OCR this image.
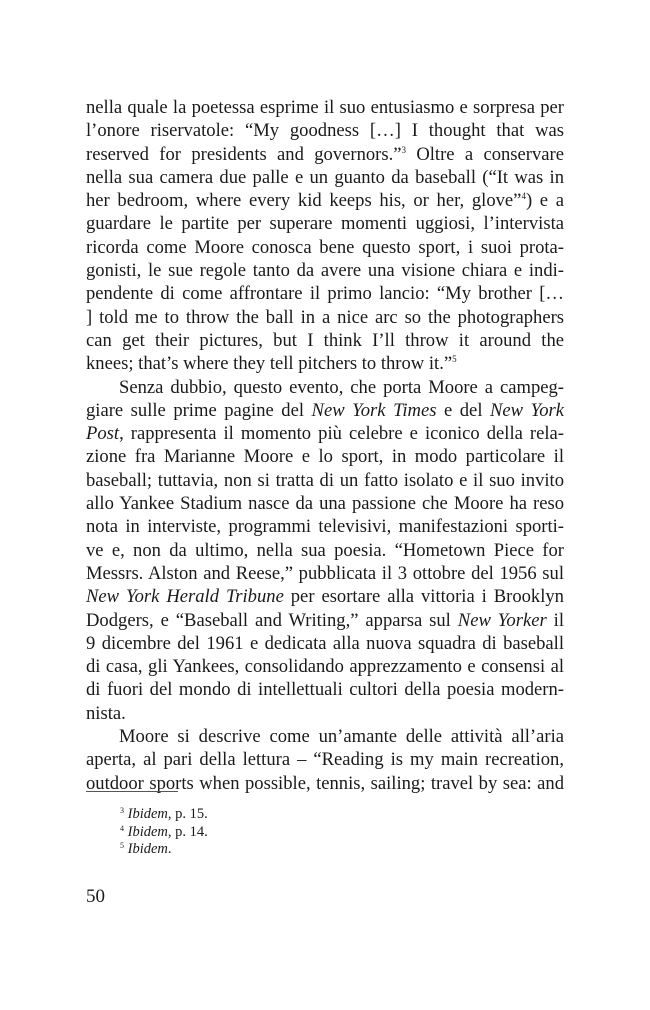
nella quale la poetessa esprime il suo entusiasmo e sorpresa per
l’onore riservatole: “My goodness […] I thought that was
reserved for presidents and governors.”$^3$ Oltre a conservare
nella sua camera due palle e un guanto da baseball (“It was in
her bedroom, where every kid keeps his, or her, glove”$^4$) e a
guardare le partite per superare momenti uggiosi, l’intervista
ricorda come Moore conosca bene questo sport, i suoi prota-
gonisti, le sue regole tanto da avere una visione chiara e indi-
pendente di come affrontare il primo lancio: “My brother […
] told me to throw the ball in a nice arc so the photographers
can get their pictures, but I think I’ll throw it around the
knees; that’s where they tell pitchers to throw it.”$^5$
Senza dubbio, questo evento, che porta Moore a campeg-
giare sulle prime pagine del New York Times e del New York
Post, rappresenta il momento più celebre e iconico della rela-
zione fra Marianne Moore e lo sport, in modo particolare il
baseball; tuttavia, non si tratta di un fatto isolato e il suo invito
allo Yankee Stadium nasce da una passione che Moore ha reso
nota in interviste, programmi televisivi, manifestazioni sporti-
ve e, non da ultimo, nella sua poesia. “Hometown Piece for
Messrs. Alston and Reese,” pubblicata il 3 ottobre del 1956 sul
New York Herald Tribune per esortare alla vittoria i Brooklyn
Dodgers, e “Baseball and Writing,” apparsa sul New Yorker il
9 dicembre del 1961 e dedicata alla nuova squadra di baseball
di casa, gli Yankees, consolidando apprezzamento e consensi al
di fuori del mondo di intellettuali cultori della poesia modern-
nista.
Moore si descrive come un’amante delle attività all’aria
aperta, al pari della lettura – “Reading is my main recreation,
outdoor sports when possible, tennis, sailing; travel by sea: and
$^3$ Ibidem, p. 15.
$^4$ Ibidem, p. 14.
$^5$ Ibidem.
50
